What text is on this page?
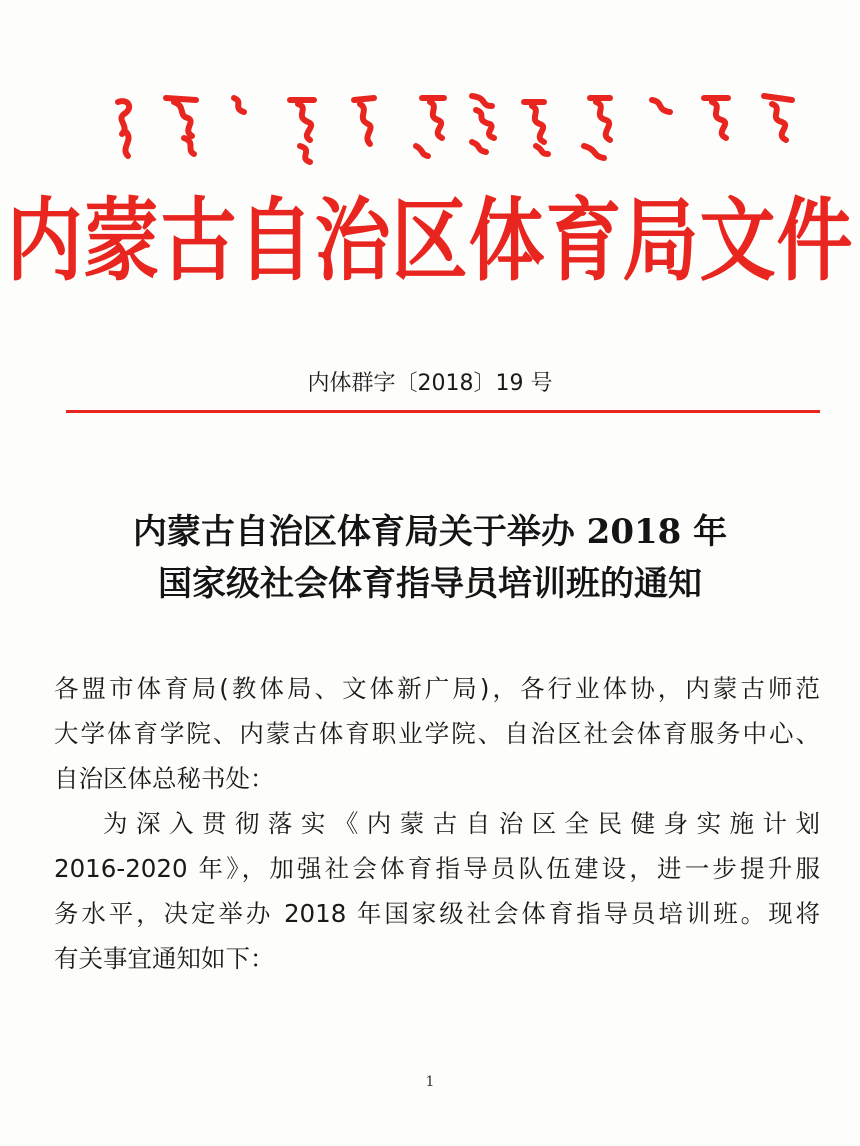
内蒙古自治区体育局文件
内体群字〔2018〕19 号
内蒙古自治区体育局关于举办 2018 年
国家级社会体育指导员培训班的通知
各盟市体育局(教体局、文体新广局)，各行业体协，内蒙古师范
大学体育学院、内蒙古体育职业学院、自治区社会体育服务中心、
自治区体总秘书处：
为深入贯彻落实《内蒙古自治区全民健身实施计划
2016-2020 年》，加强社会体育指导员队伍建设，进一步提升服
务水平，决定举办 2018 年国家级社会体育指导员培训班。现将
有关事宜通知如下：
1
